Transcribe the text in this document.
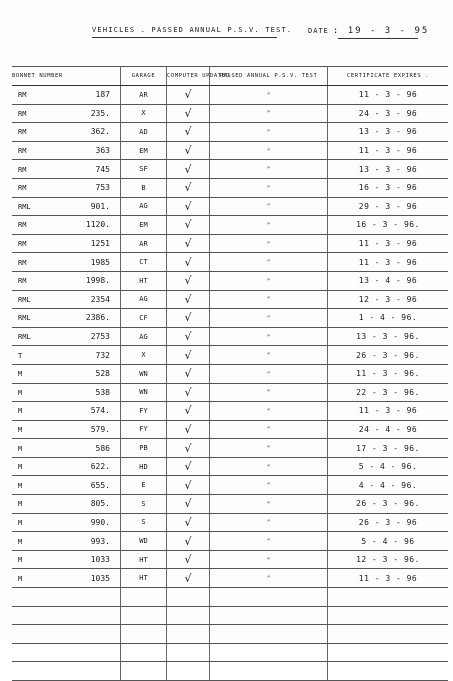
VEHICLES . PASSED ANNUAL P.S.V. TEST. DATE : 19 - 3 - 95
BONNET NUMBER	GARAGE	COMPUTER UPDATED	PASSED ANNUAL P.S.V. TEST	CERTIFICATE EXPIRES .
RM 187	AR	√	"	11 - 3 - 96
RM 235.	X	√	"	24 - 3 - 96
RM 362.	AD	√	"	13 - 3 - 96
RM 363	EM	√	"	11 - 3 - 96
RM 745	SF	√	"	13 - 3 - 96
RM 753	B	√	"	16 - 3 - 96
RML 901.	AG	√	"	29 - 3 - 96
RM 1120.	EM	√	"	16 - 3 - 96.
RM 1251	AR	√	"	11 - 3 - 96
RM 1985	CT	√	"	11 - 3 - 96
RM 1998.	HT	√	"	13 - 4 - 96
RML 2354	AG	√	"	12 - 3 - 96
RML 2386.	CF	√	"	1 - 4 - 96.
RML 2753	AG	√	"	13 - 3 - 96.
T 732	X	√	"	26 - 3 - 96.
M 528	WN	√	"	11 - 3 - 96.
M 538	WN	√	"	22 - 3 - 96.
M 574.	FY	√	"	11 - 3 - 96
M 579.	FY	√	"	24 - 4 - 96
M 586	PB	√	"	17 - 3 - 96.
M 622.	HD	√	"	5 - 4 - 96.
M 655.	E	√	"	4 - 4 - 96.
M 805.	S	√	"	26 - 3 - 96.
M 990.	S	√	"	26 - 3 - 96
M 993.	WD	√	"	5 - 4 - 96
M 1033	HT	√	"	12 - 3 - 96.
M 1035	HT	√	"	11 - 3 - 96
